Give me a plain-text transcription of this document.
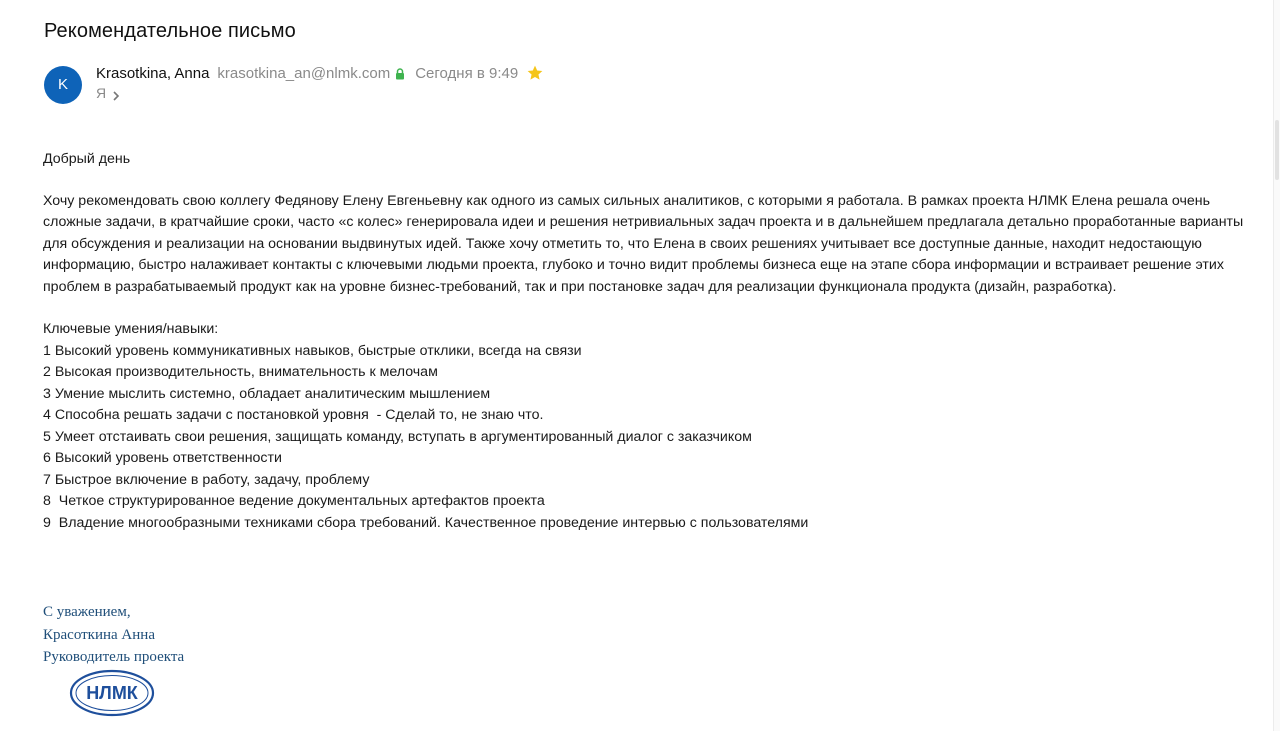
Рекомендательное письмо
K
Krasotkina, Anna krasotkina_an@nlmk.com Сегодня в 9:49
Я

Добрый день

Хочу рекомендовать свою коллегу Федянову Елену Евгеньевну как одного из самых сильных аналитиков, с которыми я работала. В рамках проекта НЛМК Елена решала очень сложные задачи, в кратчайшие сроки, часто «с колес» генерировала идеи и решения нетривиальных задач проекта и в дальнейшем предлагала детально проработанные варианты для обсуждения и реализации на основании выдвинутых идей. Также хочу отметить то, что Елена в своих решениях учитывает все доступные данные, находит недостающую информацию, быстро налаживает контакты с ключевыми людьми проекта, глубоко и точно видит проблемы бизнеса еще на этапе сбора информации и встраивает решение этих проблем в разрабатываемый продукт как на уровне бизнес-требований, так и при постановке задач для реализации функционала продукта (дизайн, разработка).

Ключевые умения/навыки:

1 Высокий уровень коммуникативных навыков, быстрые отклики, всегда на связи
2 Высокая производительность, внимательность к мелочам
3 Умение мыслить системно, обладает аналитическим мышлением
4 Способна решать задачи с постановкой уровня  - Сделай то, не знаю что.
5 Умеет отстаивать свои решения, защищать команду, вступать в аргументированный диалог с заказчиком
6 Высокий уровень ответственности
7 Быстрое включение в работу, задачу, проблему
8  Четкое структурированное ведение документальных артефактов проекта
9  Владение многообразными техниками сбора требований. Качественное проведение интервью с пользователями
С уважением,
Красоткина Анна
Руководитель проекта
НЛМК
